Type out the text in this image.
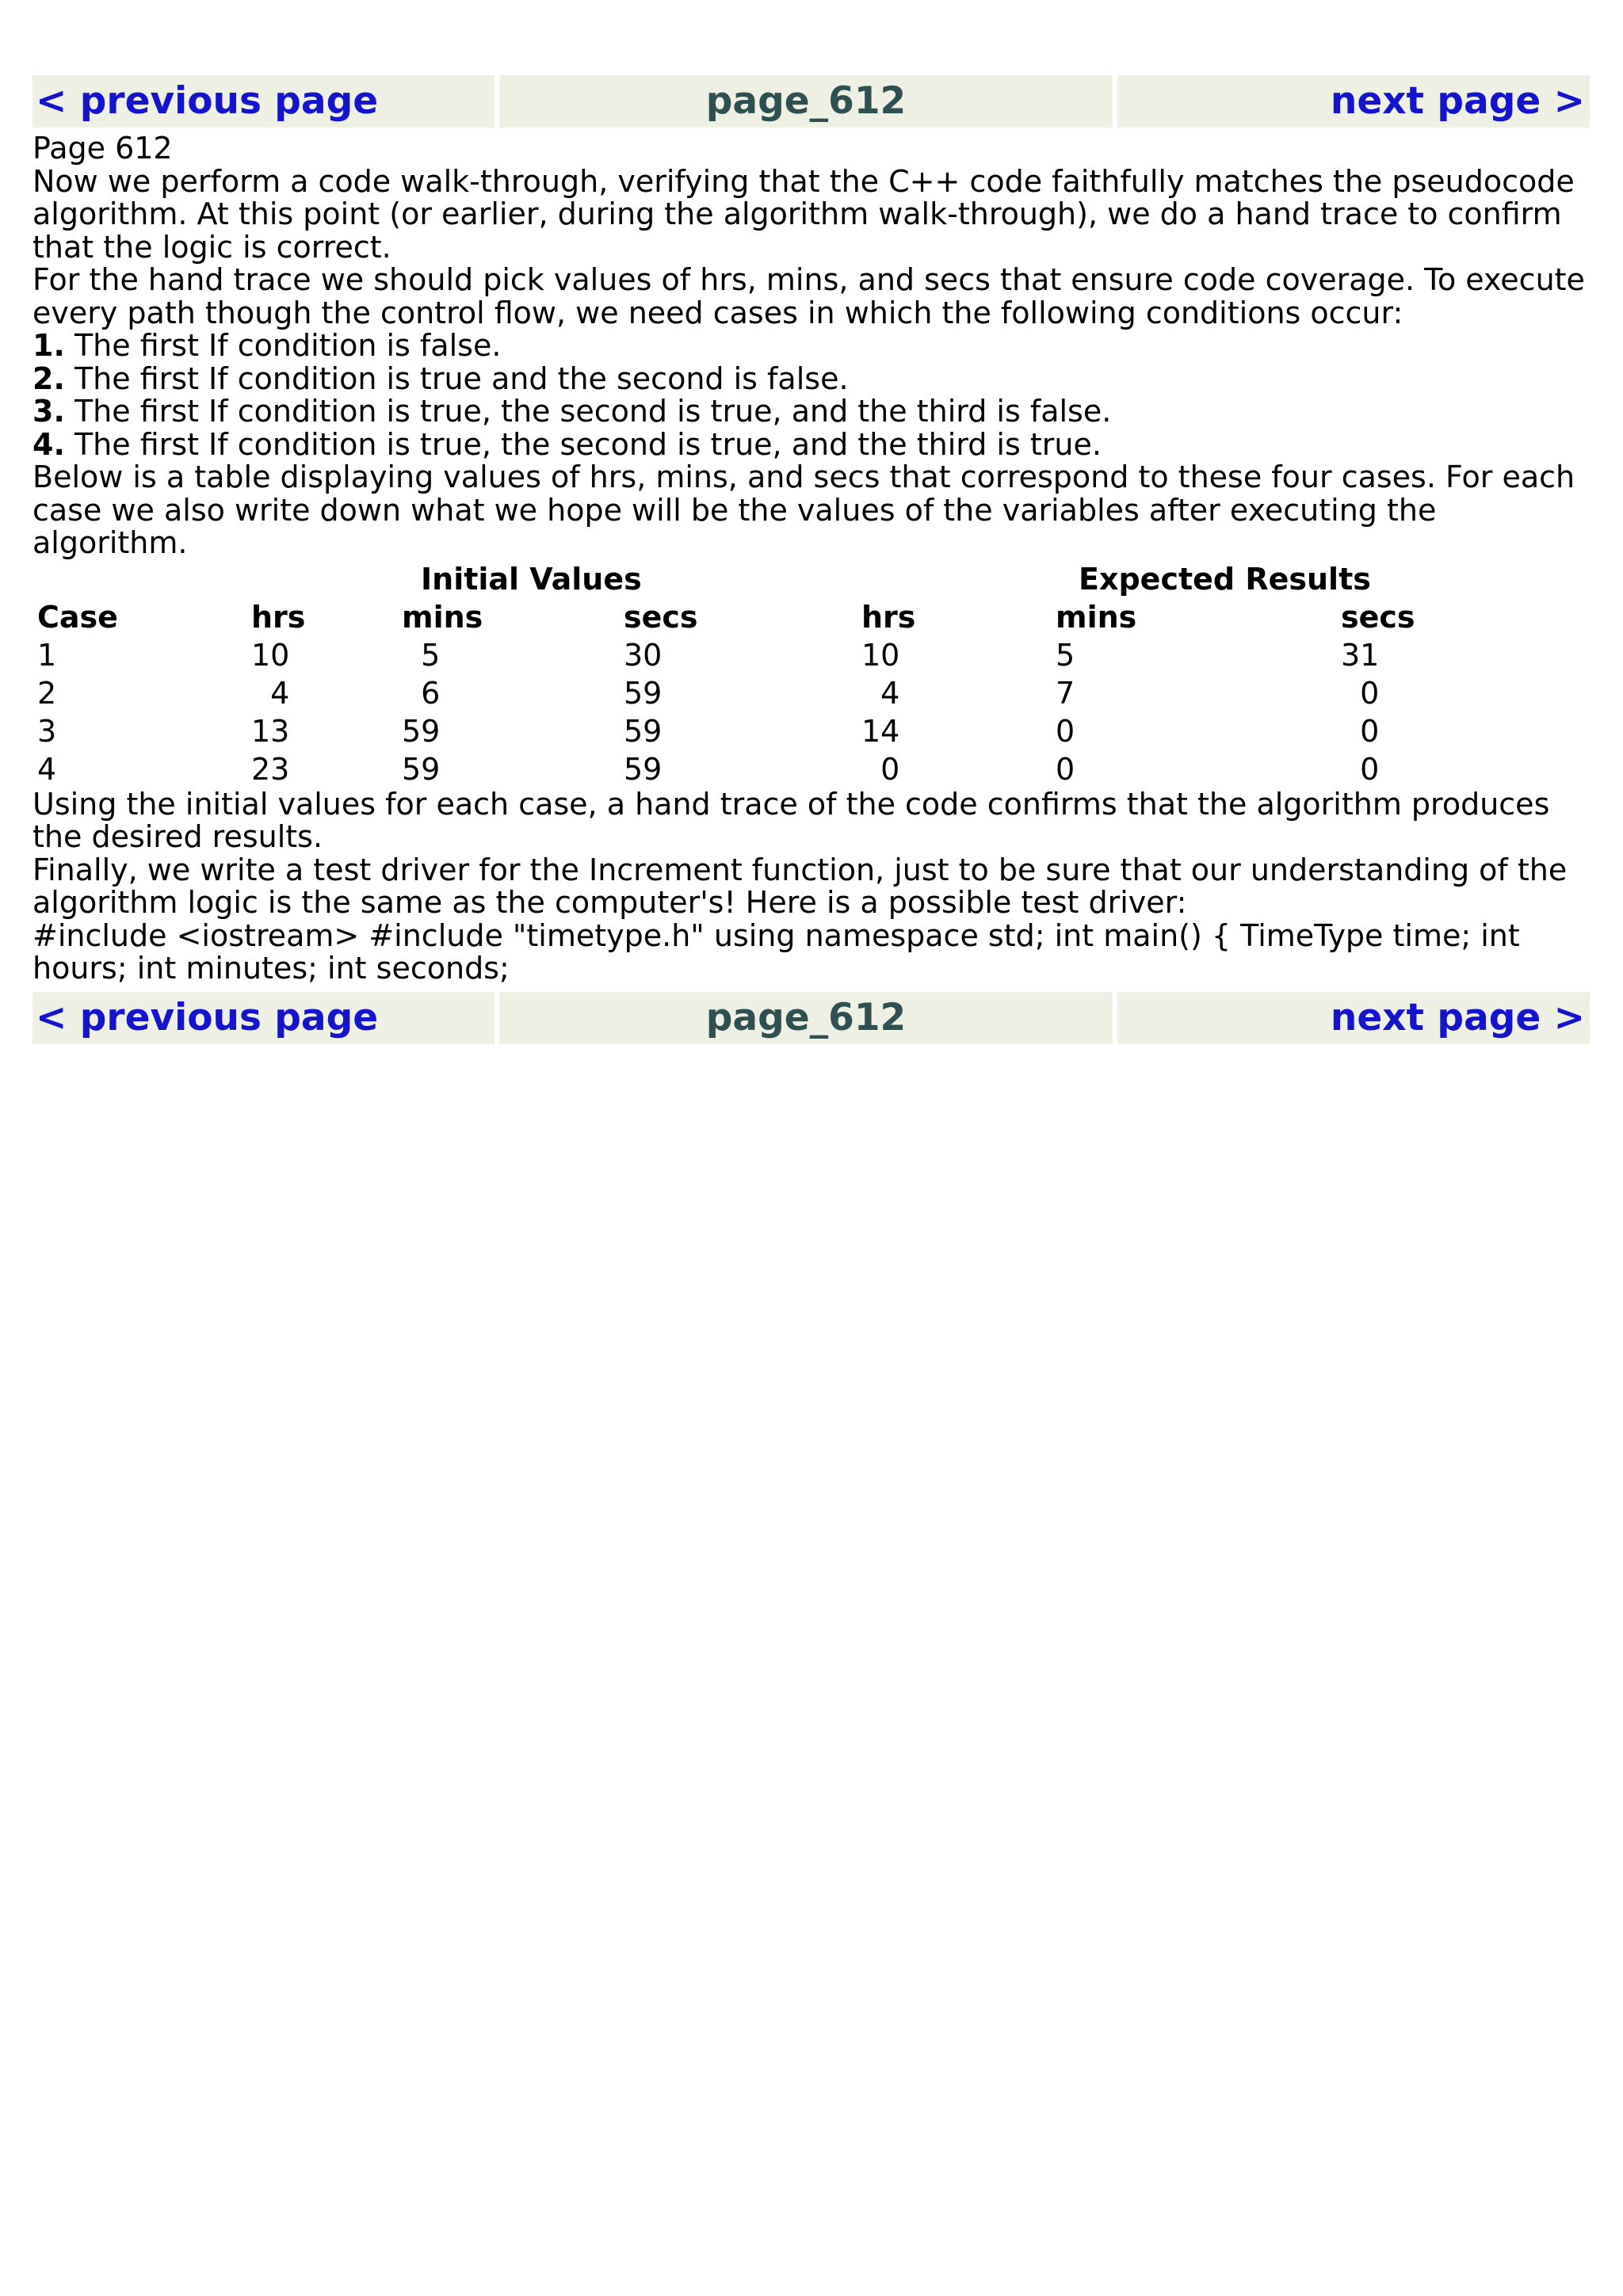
< previous page	page_612	next page >

Page 612

Now we perform a code walk-through, verifying that the C++ code faithfully matches the pseudocode algorithm. At this point (or earlier, during the algorithm walk-through), we do a hand trace to confirm that the logic is correct.

For the hand trace we should pick values of hrs, mins, and secs that ensure code coverage. To execute every path though the control flow, we need cases in which the following conditions occur:

1. The first If condition is false.

2. The first If condition is true and the second is false.

3. The first If condition is true, the second is true, and the third is false.

4. The first If condition is true, the second is true, and the third is true.

Below is a table displaying values of hrs, mins, and secs that correspond to these four cases. For each case we also write down what we hope will be the values of the variables after executing the algorithm.

	Initial Values			Expected Results		
Case	hrs	mins	secs	hrs	mins	secs
1	10	5	30	10	5	31
2	4	6	59	4	7	0
3	13	59	59	14	0	0
4	23	59	59	0	0	0

Using the initial values for each case, a hand trace of the code confirms that the algorithm produces the desired results.

Finally, we write a test driver for the Increment function, just to be sure that our understanding of the algorithm logic is the same as the computer's! Here is a possible test driver:

#include <iostream> #include "timetype.h" using namespace std; int main() { TimeType time; int hours; int minutes; int seconds;

< previous page	page_612	next page >
